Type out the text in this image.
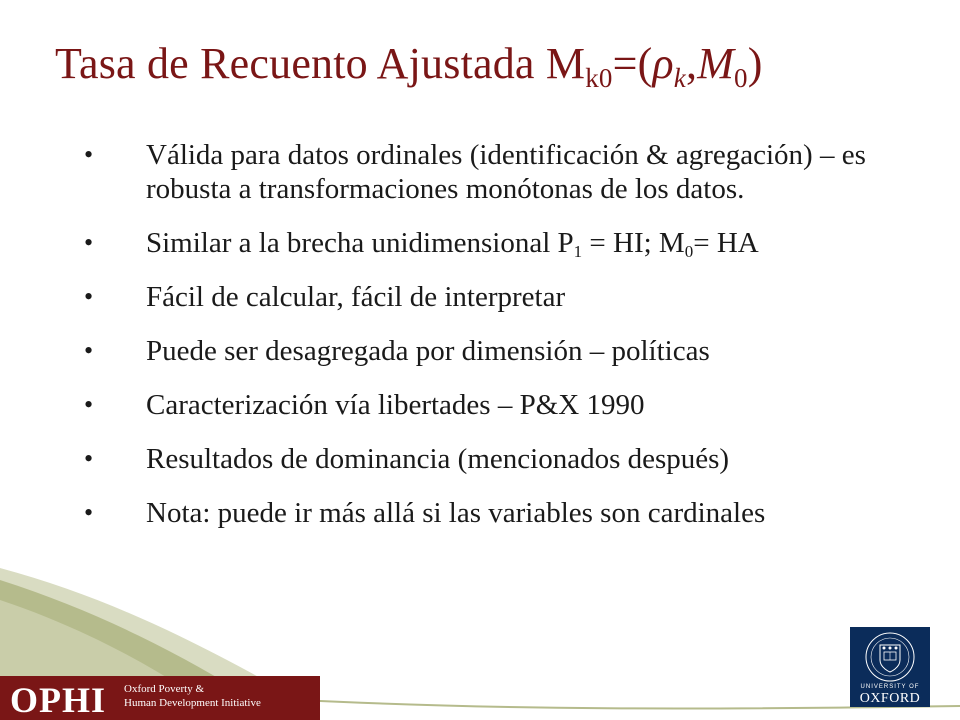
Tasa de Recuento Ajustada $M_{k0}=(\rho_k,M_0)$
• Válida para datos ordinales (identificación & agregación) – es robusta a transformaciones monótonas de los datos.
• Similar a la brecha unidimensional $P_1$ = HI; $M_0=$ HA
• Fácil de calcular, fácil de interpretar
• Puede ser desagregada por dimensión – políticas
• Caracterización vía libertades – P&X 1990
• Resultados de dominancia (mencionados después)
• Nota: puede ir más allá si las variables son cardinales
OPHI Oxford Poverty &
Human Development Initiative
UNIVERSITY OF
OXFORD
